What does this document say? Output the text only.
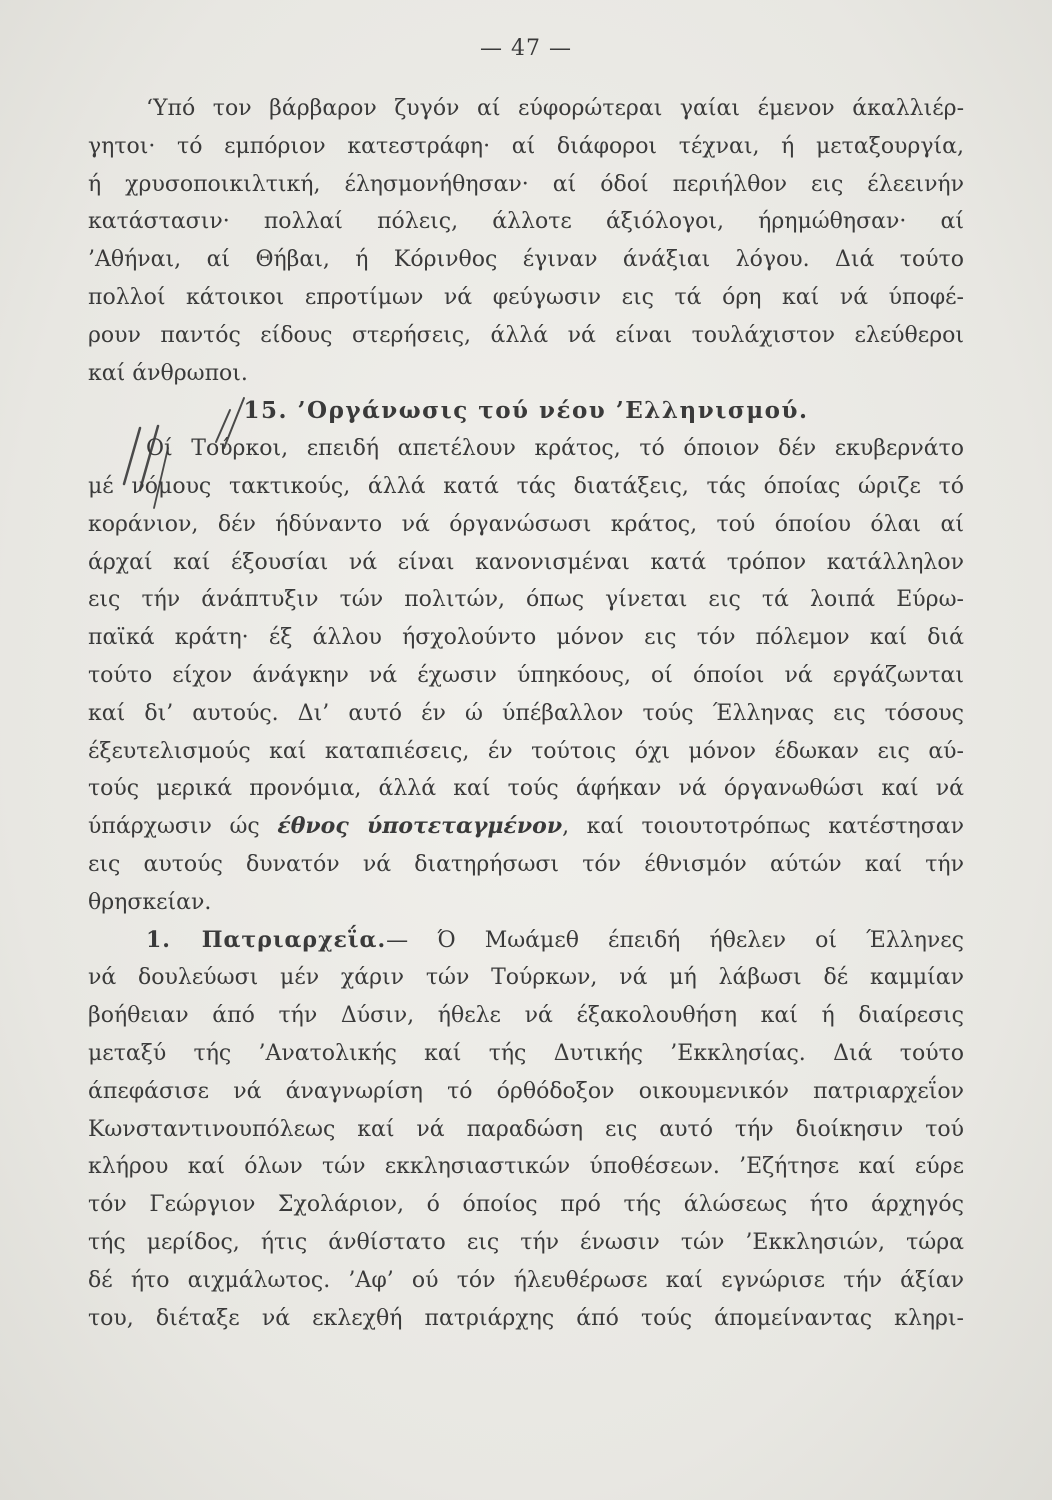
— 47 —
‘Υπό τον βάρβαρον ζυγόν αί εύφορώτεραι γαίαι έμενον άκαλλιέρ-
γητοι· τό εμπόριον κατεστράφη· αί διάφοροι τέχναι, ή μεταξουργία,
ή χρυσοποικιλτική, έλησμονήθησαν· αί όδοί περιήλθον εις έλεεινήν
κατάστασιν· πολλαί πόλεις, άλλοτε άξιόλογοι, ήρημώθησαν· αί
’Αθήναι, αί Θήβαι, ή Κόρινθος έγιναν άνάξιαι λόγου. Διά τούτο
πολλοί κάτοικοι επροτίμων νά φεύγωσιν εις τά όρη καί νά ύποφέ-
ρουν παντός είδους στερήσεις, άλλά νά είναι τουλάχιστον ελεύθεροι
καί άνθρωποι.
15. ’Οργάνωσις τού νέου ’Ελληνισμού.
Οί Τούρκοι, επειδή απετέλουν κράτος, τό όποιον δέν εκυβερνάτο
μέ νόμους τακτικούς, άλλά κατά τάς διατάξεις, τάς όποίας ώριζε τό
κοράνιον, δέν ήδύναντο νά όργανώσωσι κράτος, τού όποίου όλαι αί
άρχαί καί έξουσίαι νά είναι κανονισμέναι κατά τρόπον κατάλληλον
εις τήν άνάπτυξιν τών πολιτών, όπως γίνεται εις τά λοιπά Εύρω-
παϊκά κράτη· έξ άλλου ήσχολούντο μόνον εις τόν πόλεμον καί διά
τούτο είχον άνάγκην νά έχωσιν ύπηκόους, οί όποίοι νά εργάζωνται
καί δι’ αυτούς. Δι’ αυτό έν ώ ύπέβαλλον τούς Έλληνας εις τόσους
έξευτελισμούς καί καταπιέσεις, έν τούτοις όχι μόνον έδωκαν εις αύ-
τούς μερικά προνόμια, άλλά καί τούς άφήκαν νά όργανωθώσι καί νά
ύπάρχωσιν ώς έθνος ύποτεταγμένον, καί τοιουτοτρόπως κατέστησαν
εις αυτούς δυνατόν νά διατηρήσωσι τόν έθνισμόν αύτών καί τήν
θρησκείαν.
1. Πατριαρχεΐα.— Ό Μωάμεθ έπειδή ήθελεν οί Έλληνες
νά δουλεύωσι μέν χάριν τών Τούρκων, νά μή λάβωσι δέ καμμίαν
βοήθειαν άπό τήν Δύσιν, ήθελε νά έξακολουθήση καί ή διαίρεσις
μεταξύ τής ’Ανατολικής καί τής Δυτικής ’Εκκλησίας. Διά τούτο
άπεφάσισε νά άναγνωρίση τό όρθόδοξον οικουμενικόν πατριαρχεΐον
Κωνσταντινουπόλεως καί νά παραδώση εις αυτό τήν διοίκησιν τού
κλήρου καί όλων τών εκκλησιαστικών ύποθέσεων. ’Εζήτησε καί εύρε
τόν Γεώργιον Σχολάριον, ό όποίος πρό τής άλώσεως ήτο άρχηγός
τής μερίδος, ήτις άνθίστατο εις τήν ένωσιν τών ’Εκκλησιών, τώρα
δέ ήτο αιχμάλωτος. ’Αφ’ ού τόν ήλευθέρωσε καί εγνώρισε τήν άξίαν
του, διέταξε νά εκλεχθή πατριάρχης άπό τούς άπομείναντας κληρι-
